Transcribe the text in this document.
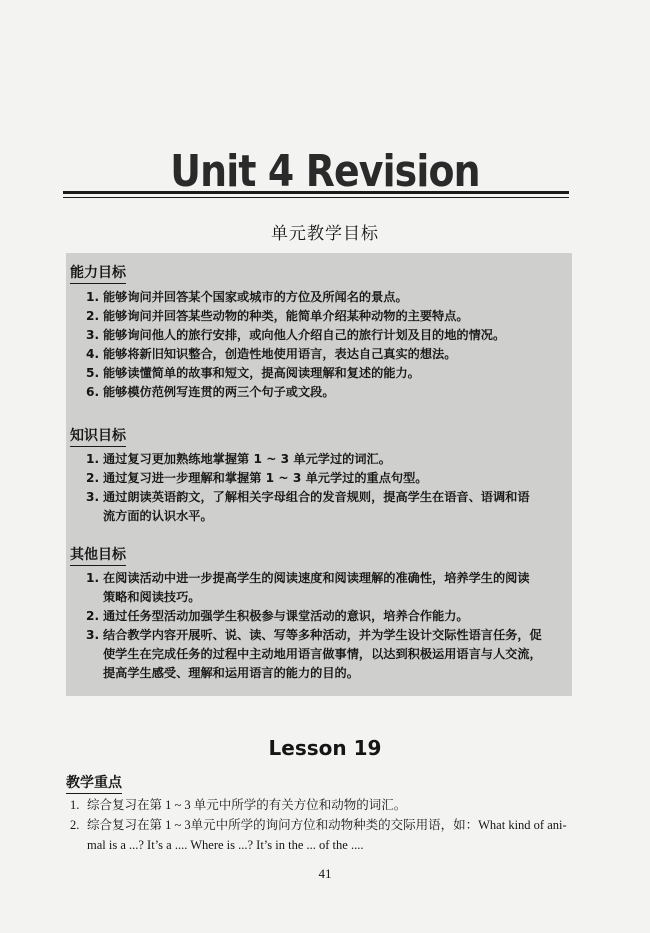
Unit 4 Revision
单元教学目标
能力目标
1. 能够询问并回答某个国家或城市的方位及所闻名的景点。
2. 能够询问并回答某些动物的种类，能简单介绍某种动物的主要特点。
3. 能够询问他人的旅行安排，或向他人介绍自己的旅行计划及目的地的情况。
4. 能够将新旧知识整合，创造性地使用语言，表达自己真实的想法。
5. 能够读懂简单的故事和短文，提高阅读理解和复述的能力。
6. 能够模仿范例写连贯的两三个句子或文段。
知识目标
1. 通过复习更加熟练地掌握第 1 ~ 3 单元学过的词汇。
2. 通过复习进一步理解和掌握第 1 ~ 3 单元学过的重点句型。
3. 通过朗读英语韵文，了解相关字母组合的发音规则，提高学生在语音、语调和语
流方面的认识水平。
其他目标
1. 在阅读活动中进一步提高学生的阅读速度和阅读理解的准确性，培养学生的阅读
策略和阅读技巧。
2. 通过任务型活动加强学生积极参与课堂活动的意识，培养合作能力。
3. 结合教学内容开展听、说、读、写等多种活动，并为学生设计交际性语言任务，促
使学生在完成任务的过程中主动地用语言做事情，以达到积极运用语言与人交流，
提高学生感受、理解和运用语言的能力的目的。
Lesson 19
教学重点
1. 综合复习在第 1 ~ 3 单元中所学的有关方位和动物的词汇。
2. 综合复习在第 1 ~ 3单元中所学的询问方位和动物种类的交际用语，如：What kind of ani-
mal is a ...? It’s a .... Where is ...? It’s in the ... of the ....
41
